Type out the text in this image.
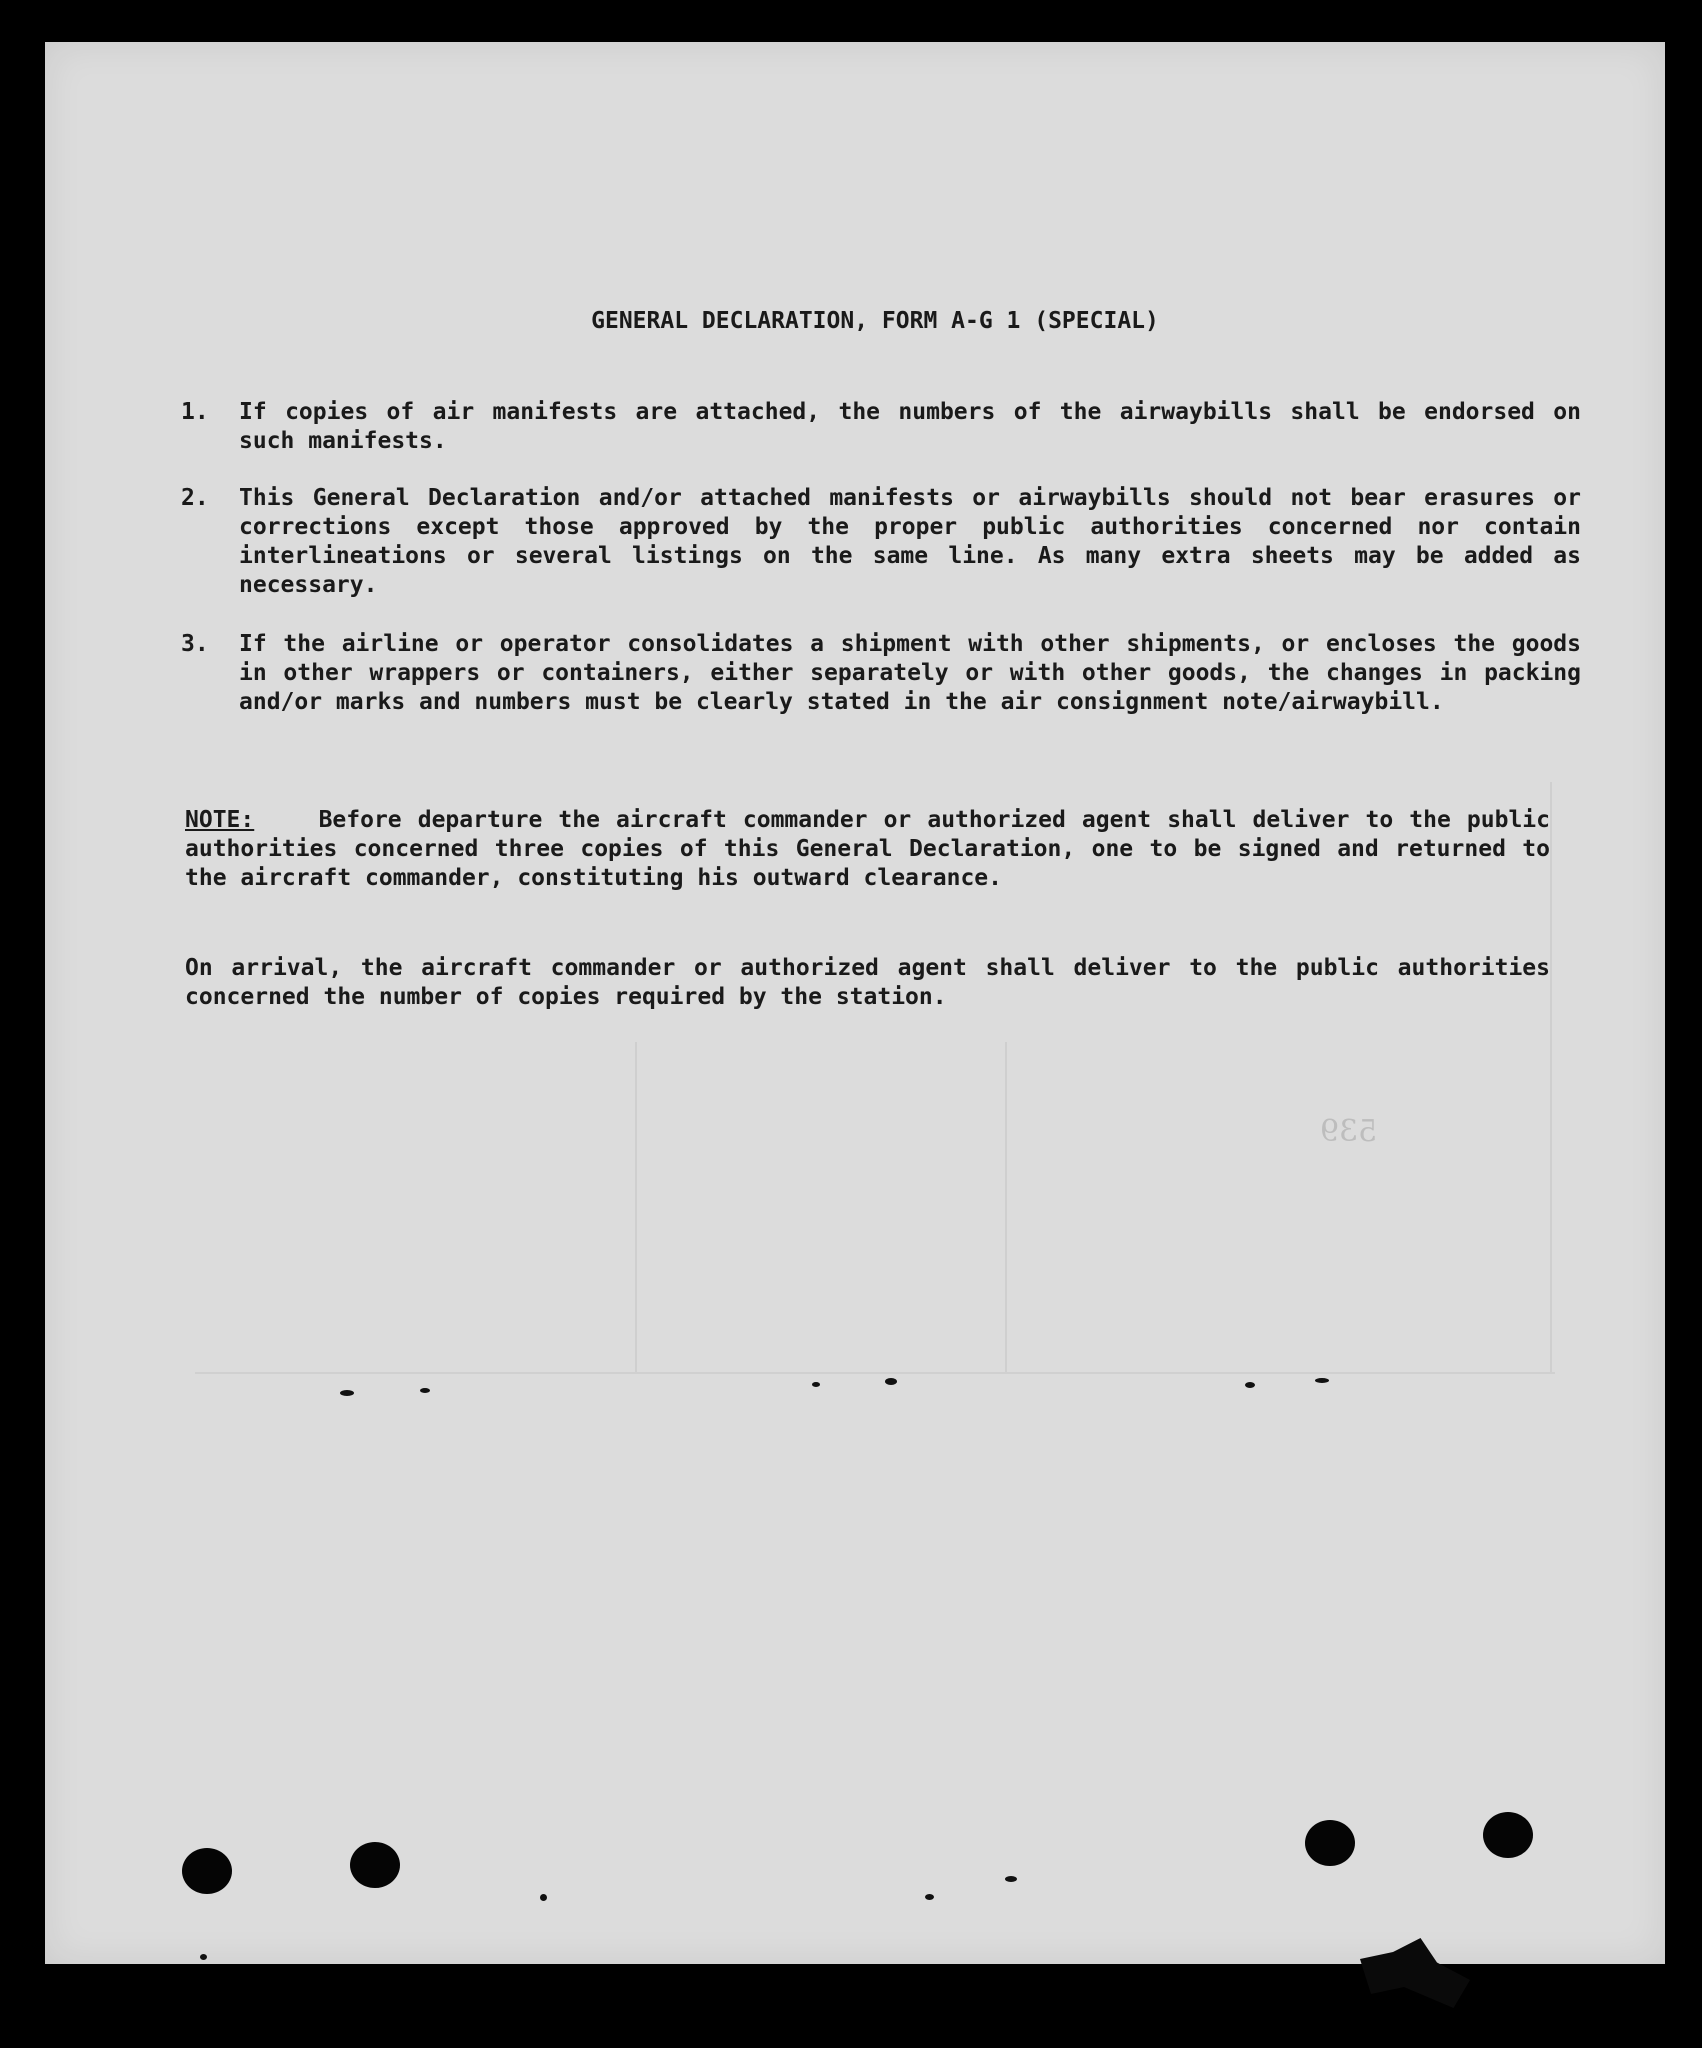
539
GENERAL DECLARATION, FORM A-G 1 (SPECIAL)
1.	If copies of air manifests are attached, the numbers of the airwaybills shall be endorsed on such manifests.
2.	This General Declaration and/or attached manifests or airwaybills should not bear erasures or corrections except those approved by the proper public authorities concerned nor contain interlineations or several listings on the same line. As many extra sheets may be added as necessary.
3.	If the airline or operator consolidates a shipment with other shipments, or encloses the goods in other wrappers or containers, either separately or with other goods, the changes in packing and/or marks and numbers must be clearly stated in the air consignment note/airwaybill.

NOTE:	Before departure the aircraft commander or authorized agent shall deliver to the public authorities concerned three copies of this General Declaration, one to be signed and returned to the aircraft commander, constituting his outward clearance.

On arrival, the aircraft commander or authorized agent shall deliver to the public authorities concerned the number of copies required by the station.
